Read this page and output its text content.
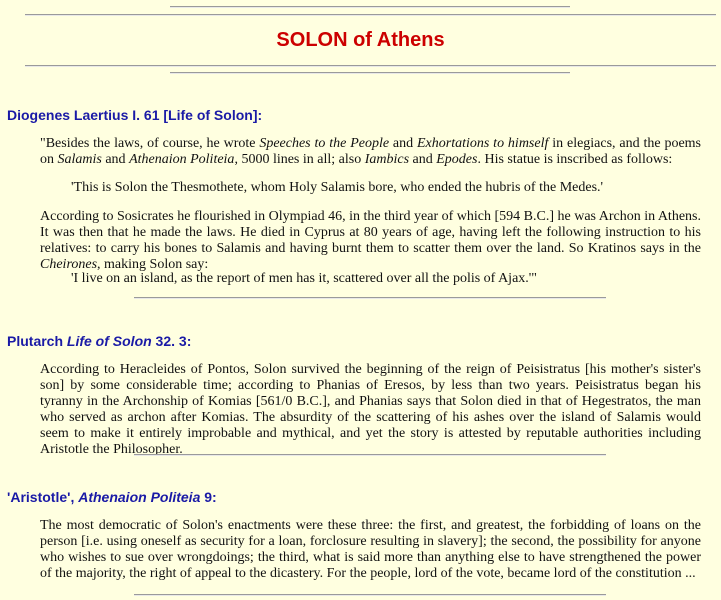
SOLON of Athens
Diogenes Laertius I. 61 [Life of Solon]:
"Besides the laws, of course, he wrote Speeches to the People and Exhortations to himself in elegiacs, and the poems on Salamis and Athenaion Politeia, 5000 lines in all; also Iambics and Epodes. His statue is inscribed as follows:
'This is Solon the Thesmothete, whom Holy Salamis bore, who ended the hubris of the Medes.'
According to Sosicrates he flourished in Olympiad 46, in the third year of which [594 B.C.] he was Archon in Athens. It was then that he made the laws. He died in Cyprus at 80 years of age, having left the following instruction to his relatives: to carry his bones to Salamis and having burnt them to scatter them over the land. So Kratinos says in the Cheirones, making Solon say:
'I live on an island, as the report of men has it, scattered over all the polis of Ajax.'"
Plutarch Life of Solon 32. 3:
According to Heracleides of Pontos, Solon survived the beginning of the reign of Peisistratus [his mother's sister's son] by some considerable time; according to Phanias of Eresos, by less than two years. Peisistratus began his tyranny in the Archonship of Komias [561/0 B.C.], and Phanias says that Solon died in that of Hegestratos, the man who served as archon after Komias. The absurdity of the scattering of his ashes over the island of Salamis would seem to make it entirely improbable and mythical, and yet the story is attested by reputable authorities including Aristotle the Philosopher.
'Aristotle', Athenaion Politeia 9:
The most democratic of Solon's enactments were these three: the first, and greatest, the forbidding of loans on the person [i.e. using oneself as security for a loan, forclosure resulting in slavery]; the second, the possibility for anyone who wishes to sue over wrongdoings; the third, what is said more than anything else to have strengthened the power of the majority, the right of appeal to the dicastery. For the people, lord of the vote, became lord of the constitution ...
